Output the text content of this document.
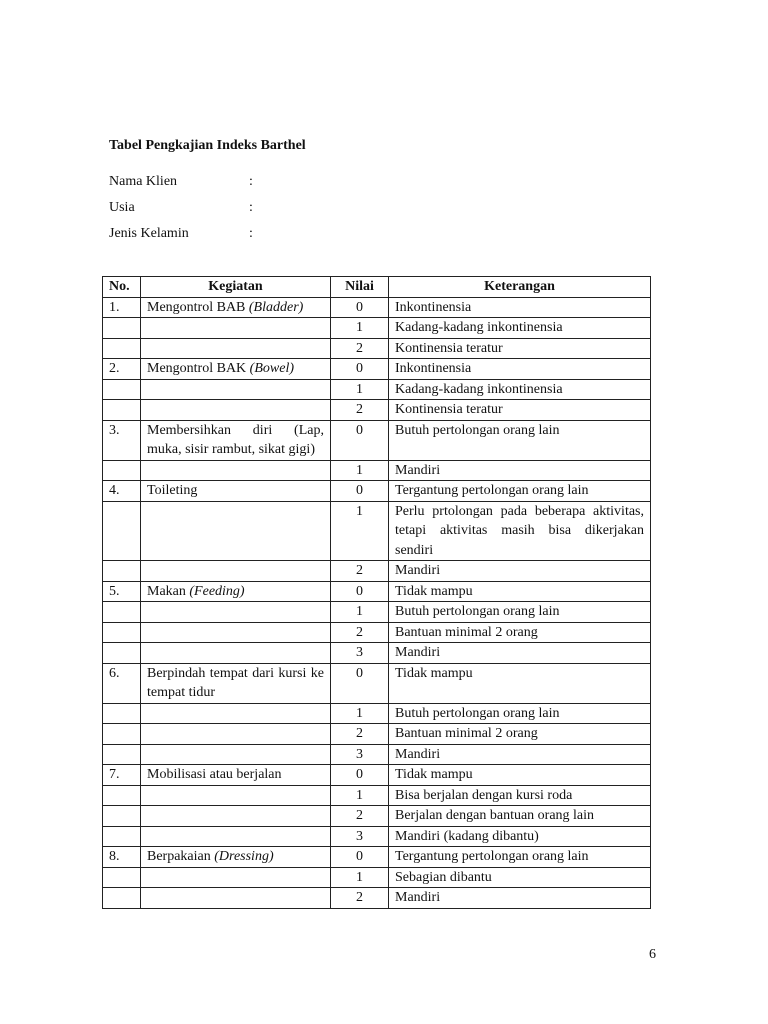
Tabel Pengkajian Indeks Barthel
Nama Klien	:
Usia	:
Jenis Kelamin	:
No.	Kegiatan	Nilai	Keterangan
1.	Mengontrol BAB (Bladder)	0	Inkontinensia
		1	Kadang-kadang inkontinensia
		2	Kontinensia teratur
2.	Mengontrol BAK (Bowel)	0	Inkontinensia
		1	Kadang-kadang inkontinensia
		2	Kontinensia teratur
3.	Membersihkan diri (Lap, muka, sisir rambut, sikat gigi)	0	Butuh pertolongan orang lain
		1	Mandiri
4.	Toileting	0	Tergantung pertolongan orang lain
		1	Perlu prtolongan pada beberapa aktivitas, tetapi aktivitas masih bisa dikerjakan sendiri
		2	Mandiri
5.	Makan (Feeding)	0	Tidak mampu
		1	Butuh pertolongan orang lain
		2	Bantuan minimal 2 orang
		3	Mandiri
6.	Berpindah tempat dari kursi ke tempat tidur	0	Tidak mampu
		1	Butuh pertolongan orang lain
		2	Bantuan minimal 2 orang
		3	Mandiri
7.	Mobilisasi atau berjalan	0	Tidak mampu
		1	Bisa berjalan dengan kursi roda
		2	Berjalan dengan bantuan orang lain
		3	Mandiri (kadang dibantu)
8.	Berpakaian (Dressing)	0	Tergantung pertolongan orang lain
		1	Sebagian dibantu
		2	Mandiri
6
